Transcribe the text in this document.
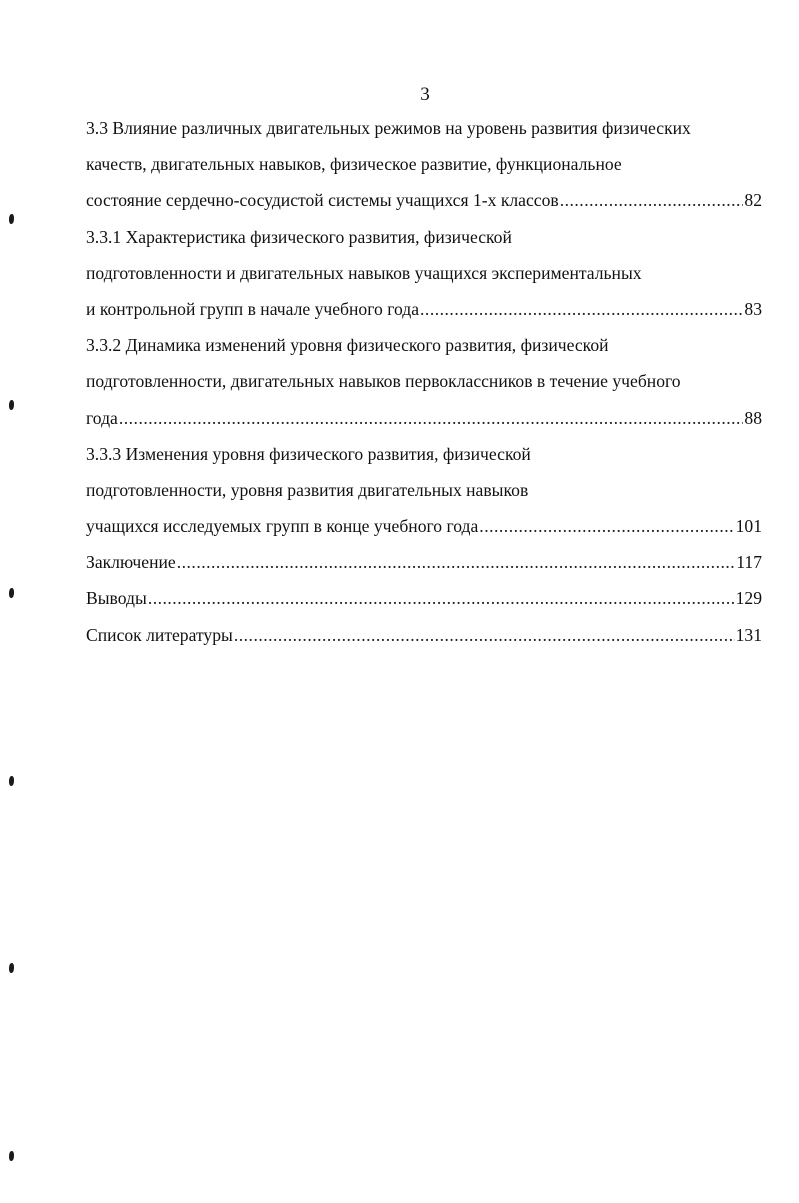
3
3.3 Влияние различных двигательных режимов на уровень развития физических
качеств, двигательных навыков, физическое развитие, функциональное
состояние сердечно-сосудистой системы учащихся 1-х классов .....	82
3.3.1 Характеристика физического развития, физической
подготовленности и двигательных навыков учащихся экспериментальных
и контрольной групп в начале учебного года .....	83
3.3.2 Динамика изменений уровня физического развития, физической
подготовленности, двигательных навыков первоклассников в течение учебного
года .....	88
3.3.3 Изменения уровня физического развития, физической
подготовленности, уровня развития двигательных навыков
учащихся исследуемых групп в конце учебного года .....	101
Заключение .....	117
Выводы .....	129
Список литературы .....	131
